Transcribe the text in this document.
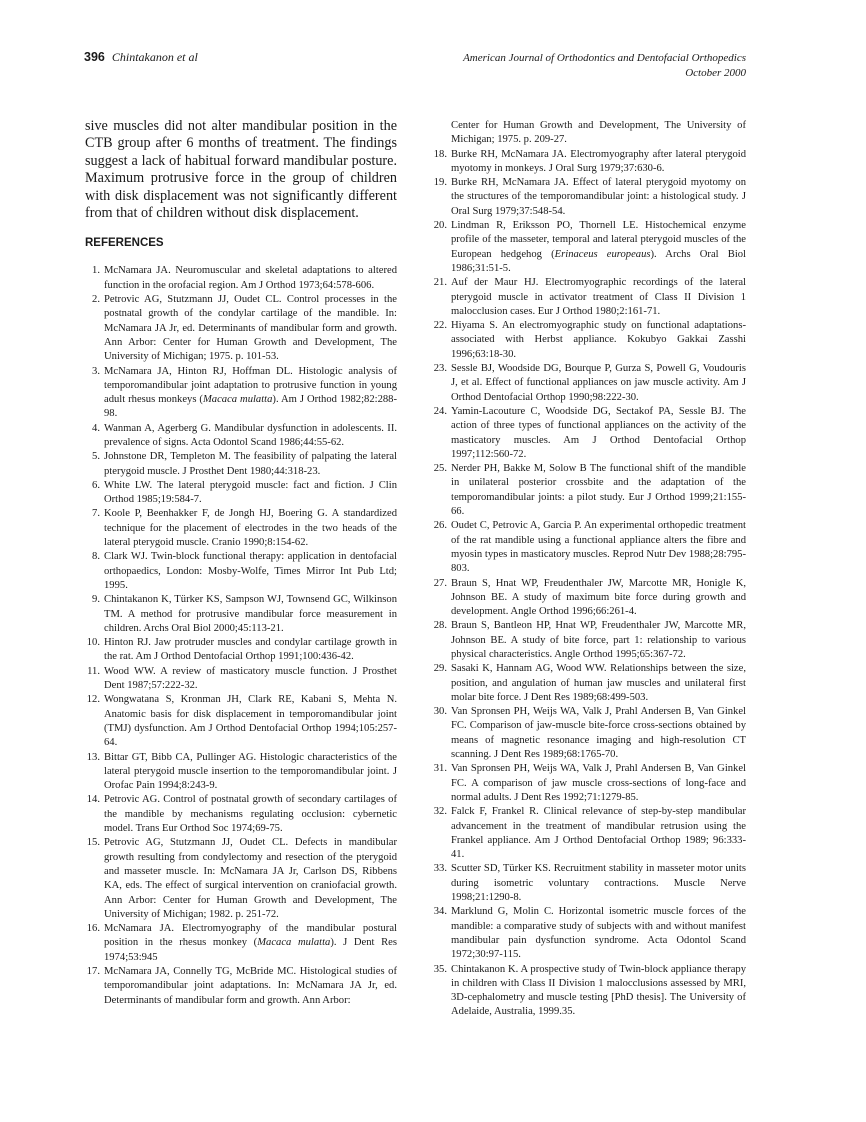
396 Chintakanon et al	American Journal of Orthodontics and Dentofacial Orthopedics
October 2000

sive muscles did not alter mandibular position in the CTB group after 6 months of treatment. The findings suggest a lack of habitual forward mandibular posture. Maximum protrusive force in the group of children with disk displacement was not significantly different from that of children without disk displacement.

REFERENCES
1. McNamara JA. Neuromuscular and skeletal adaptations to altered function in the orofacial region. Am J Orthod 1973;64:578-606.
2. Petrovic AG, Stutzmann JJ, Oudet CL. Control processes in the postnatal growth of the condylar cartilage of the mandible. In: McNamara JA Jr, ed. Determinants of mandibular form and growth. Ann Arbor: Center for Human Growth and Development, The University of Michigan; 1975. p. 101-53.
3. McNamara JA, Hinton RJ, Hoffman DL. Histologic analysis of temporomandibular joint adaptation to protrusive function in young adult rhesus monkeys (Macaca mulatta). Am J Orthod 1982;82:288-98.
4. Wanman A, Agerberg G. Mandibular dysfunction in adolescents. II. prevalence of signs. Acta Odontol Scand 1986;44:55-62.
5. Johnstone DR, Templeton M. The feasibility of palpating the lateral pterygoid muscle. J Prosthet Dent 1980;44:318-23.
6. White LW. The lateral pterygoid muscle: fact and fiction. J Clin Orthod 1985;19:584-7.
7. Koole P, Beenhakker F, de Jongh HJ, Boering G. A standardized technique for the placement of electrodes in the two heads of the lateral pterygoid muscle. Cranio 1990;8:154-62.
8. Clark WJ. Twin-block functional therapy: application in dentofacial orthopaedics, London: Mosby-Wolfe, Times Mirror Int Pub Ltd; 1995.
9. Chintakanon K, Türker KS, Sampson WJ, Townsend GC, Wilkinson TM. A method for protrusive mandibular force measurement in children. Archs Oral Biol 2000;45:113-21.
10. Hinton RJ. Jaw protruder muscles and condylar cartilage growth in the rat. Am J Orthod Dentofacial Orthop 1991;100:436-42.
11. Wood WW. A review of masticatory muscle function. J Prosthet Dent 1987;57:222-32.
12. Wongwatana S, Kronman JH, Clark RE, Kabani S, Mehta N. Anatomic basis for disk displacement in temporomandibular joint (TMJ) dysfunction. Am J Orthod Dentofacial Orthop 1994;105:257-64.
13. Bittar GT, Bibb CA, Pullinger AG. Histologic characteristics of the lateral pterygoid muscle insertion to the temporomandibular joint. J Orofac Pain 1994;8:243-9.
14. Petrovic AG. Control of postnatal growth of secondary cartilages of the mandible by mechanisms regulating occlusion: cybernetic model. Trans Eur Orthod Soc 1974;69-75.
15. Petrovic AG, Stutzmann JJ, Oudet CL. Defects in mandibular growth resulting from condylectomy and resection of the pterygoid and masseter muscle. In: McNamara JA Jr, Carlson DS, Ribbens KA, eds. The effect of surgical intervention on craniofacial growth. Ann Arbor: Center for Human Growth and Development, The University of Michigan; 1982. p. 251-72.
16. McNamara JA. Electromyography of the mandibular postural position in the rhesus monkey (Macaca mulatta). J Dent Res 1974;53:945
17. McNamara JA, Connelly TG, McBride MC. Histological studies of temporomandibular joint adaptations. In: McNamara JA Jr, ed. Determinants of mandibular form and growth. Ann Arbor:
Center for Human Growth and Development, The University of Michigan; 1975. p. 209-27.
18. Burke RH, McNamara JA. Electromyography after lateral pterygoid myotomy in monkeys. J Oral Surg 1979;37:630-6.
19. Burke RH, McNamara JA. Effect of lateral pterygoid myotomy on the structures of the temporomandibular joint: a histological study. J Oral Surg 1979;37:548-54.
20. Lindman R, Eriksson PO, Thornell LE. Histochemical enzyme profile of the masseter, temporal and lateral pterygoid muscles of the European hedgehog (Erinaceus europeaus). Archs Oral Biol 1986;31:51-5.
21. Auf der Maur HJ. Electromyographic recordings of the lateral pterygoid muscle in activator treatment of Class II Division 1 malocclusion cases. Eur J Orthod 1980;2:161-71.
22. Hiyama S. An electromyographic study on functional adaptations-associated with Herbst appliance. Kokubyo Gakkai Zasshi 1996;63:18-30.
23. Sessle BJ, Woodside DG, Bourque P, Gurza S, Powell G, Voudouris J, et al. Effect of functional appliances on jaw muscle activity. Am J Orthod Dentofacial Orthop 1990;98:222-30.
24. Yamin-Lacouture C, Woodside DG, Sectakof PA, Sessle BJ. The action of three types of functional appliances on the activity of the masticatory muscles. Am J Orthod Dentofacial Orthop 1997;112:560-72.
25. Nerder PH, Bakke M, Solow B The functional shift of the mandible in unilateral posterior crossbite and the adaptation of the temporomandibular joints: a pilot study. Eur J Orthod 1999;21:155-66.
26. Oudet C, Petrovic A, Garcia P. An experimental orthopedic treatment of the rat mandible using a functional appliance alters the fibre and myosin types in masticatory muscles. Reprod Nutr Dev 1988;28:795-803.
27. Braun S, Hnat WP, Freudenthaler JW, Marcotte MR, Honigle K, Johnson BE. A study of maximum bite force during growth and development. Angle Orthod 1996;66:261-4.
28. Braun S, Bantleon HP, Hnat WP, Freudenthaler JW, Marcotte MR, Johnson BE. A study of bite force, part 1: relationship to various physical characteristics. Angle Orthod 1995;65:367-72.
29. Sasaki K, Hannam AG, Wood WW. Relationships between the size, position, and angulation of human jaw muscles and unilateral first molar bite force. J Dent Res 1989;68:499-503.
30. Van Spronsen PH, Weijs WA, Valk J, Prahl Andersen B, Van Ginkel FC. Comparison of jaw-muscle bite-force cross-sections obtained by means of magnetic resonance imaging and high-resolution CT scanning. J Dent Res 1989;68:1765-70.
31. Van Spronsen PH, Weijs WA, Valk J, Prahl Andersen B, Van Ginkel FC. A comparison of jaw muscle cross-sections of long-face and normal adults. J Dent Res 1992;71:1279-85.
32. Falck F, Frankel R. Clinical relevance of step-by-step mandibular advancement in the treatment of mandibular retrusion using the Frankel appliance. Am J Orthod Dentofacial Orthop 1989; 96:333-41.
33. Scutter SD, Türker KS. Recruitment stability in masseter motor units during isometric voluntary contractions. Muscle Nerve 1998;21:1290-8.
34. Marklund G, Molin C. Horizontal isometric muscle forces of the mandible: a comparative study of subjects with and without manifest mandibular pain dysfunction syndrome. Acta Odontol Scand 1972;30:97-115.
35. Chintakanon K. A prospective study of Twin-block appliance therapy in children with Class II Division 1 malocclusions assessed by MRI, 3D-cephalometry and muscle testing [PhD thesis]. The University of Adelaide, Australia, 1999.35.
